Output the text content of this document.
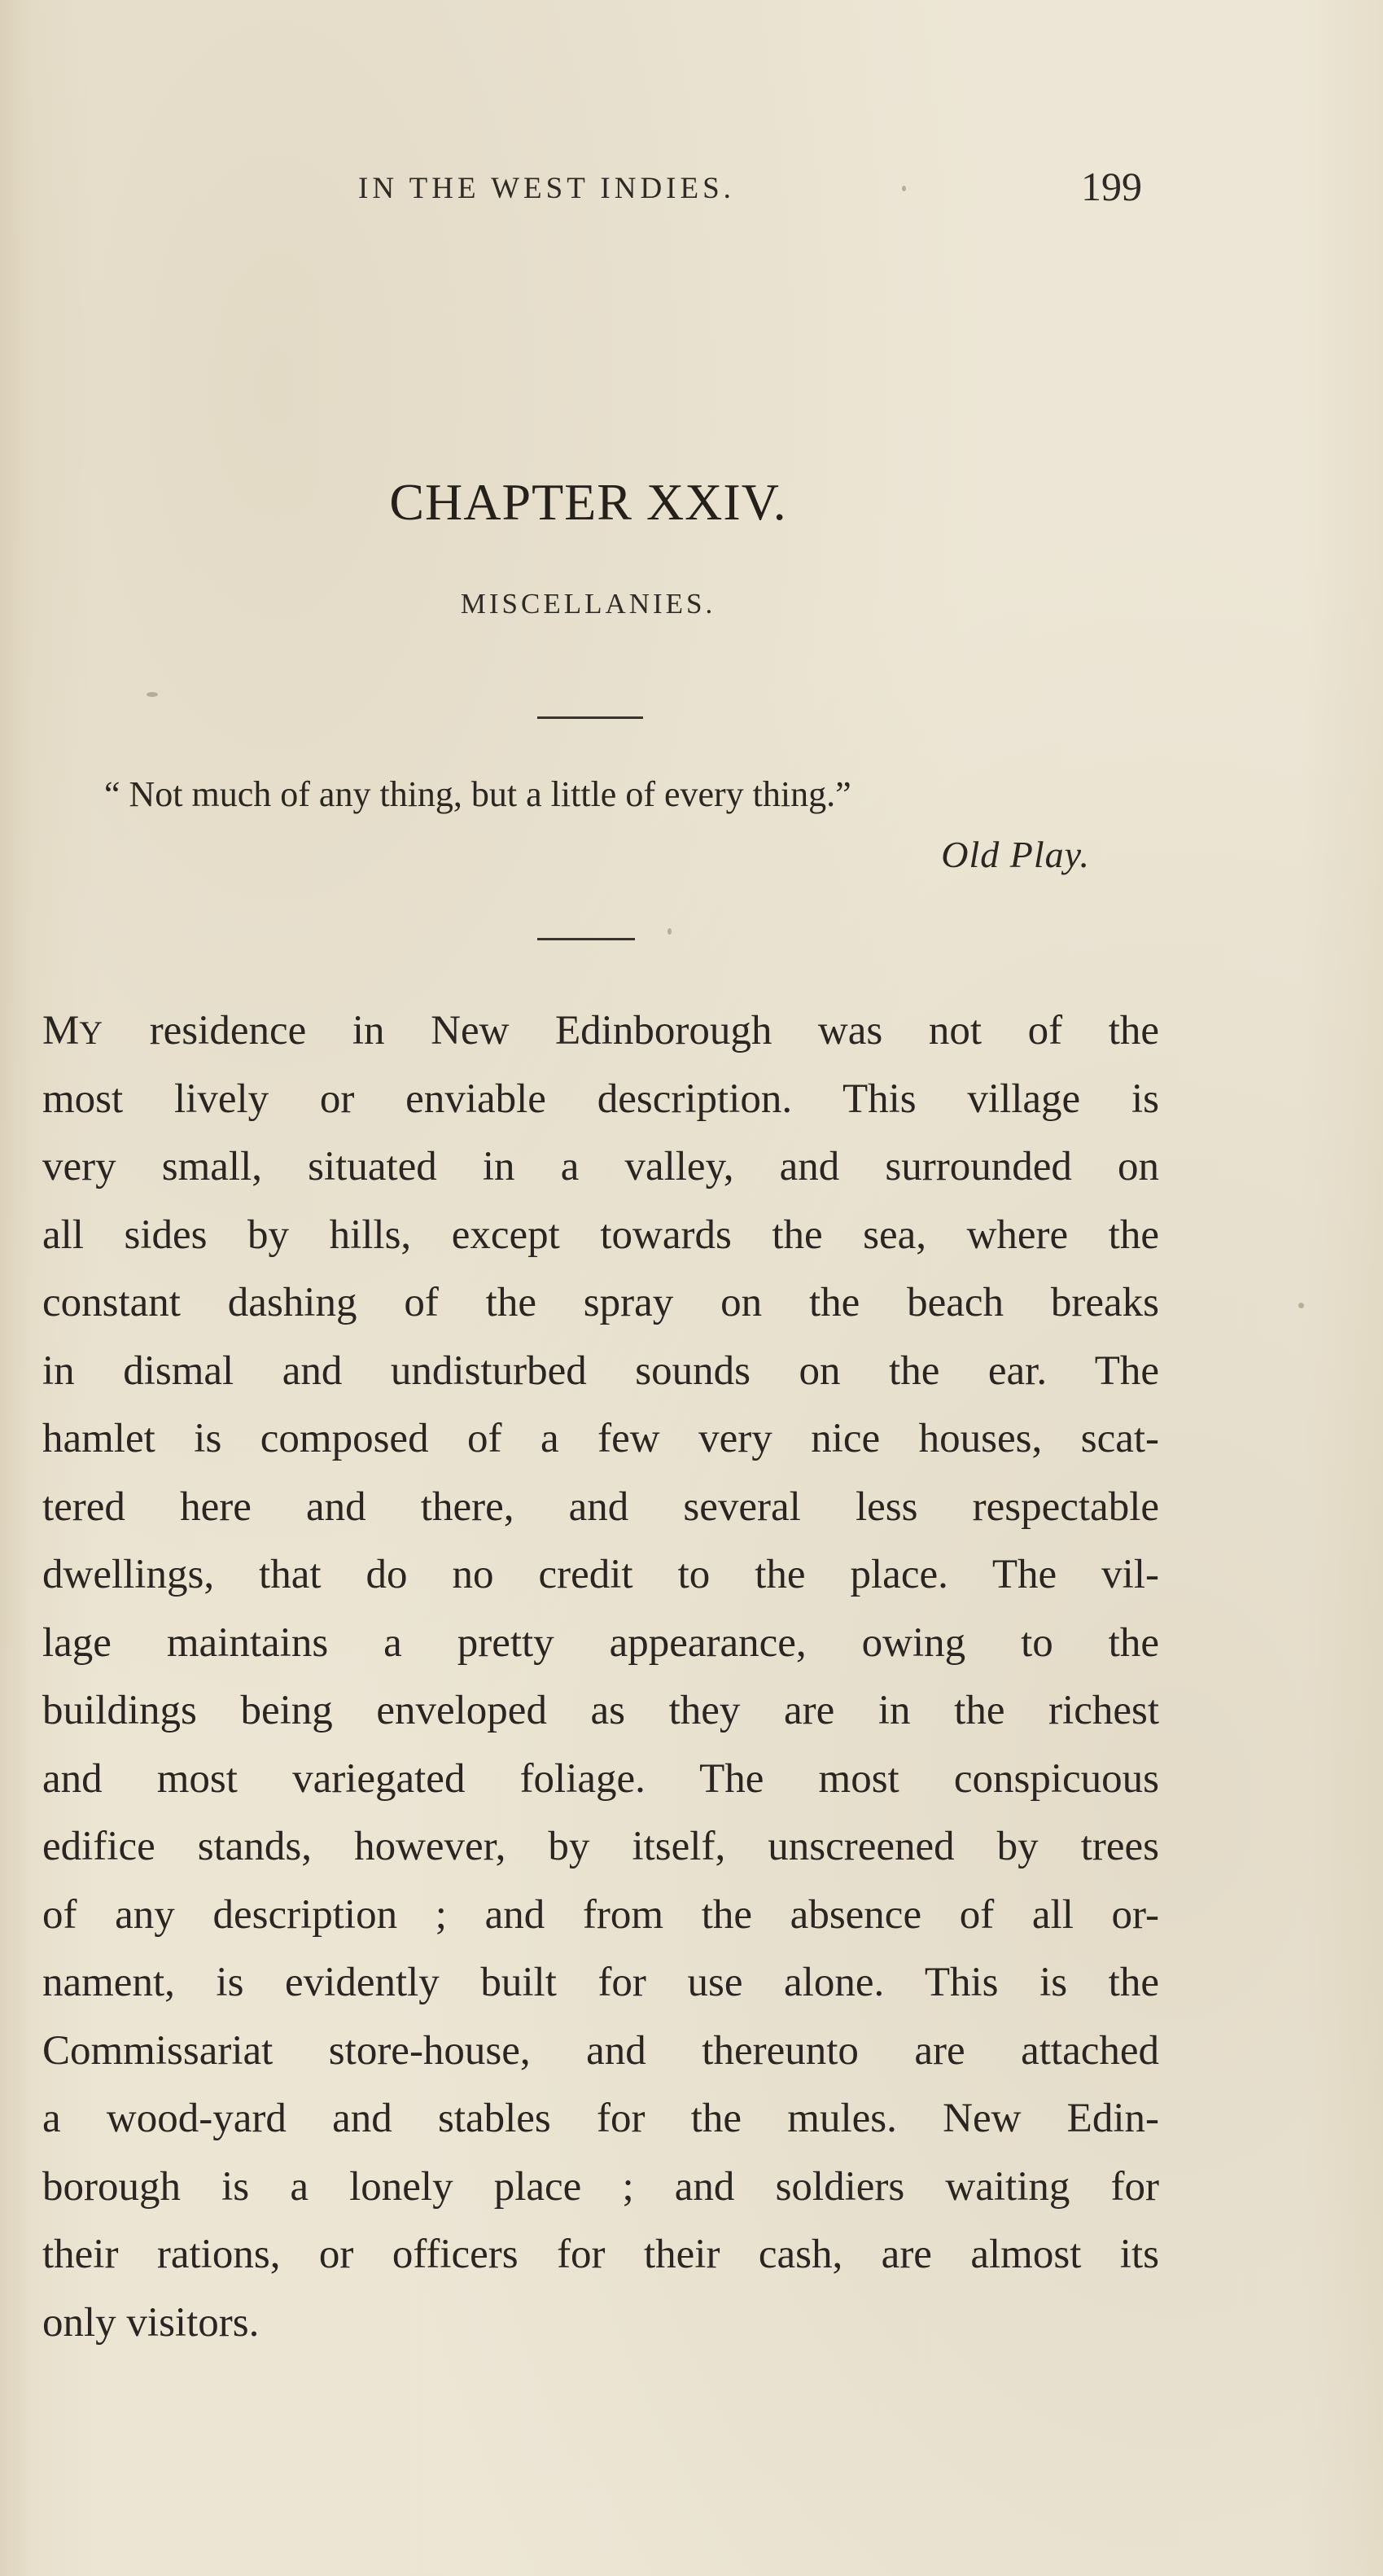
IN THE WEST INDIES.	199
CHAPTER XXIV.
MISCELLANIES.
“ Not much of any thing, but a little of every thing.”
Old Play.
MY residence in New Edinborough was not of the
most lively or enviable description. This village is
very small, situated in a valley, and surrounded on
all sides by hills, except towards the sea, where the
constant dashing of the spray on the beach breaks
in dismal and undisturbed sounds on the ear. The
hamlet is composed of a few very nice houses, scat-
tered here and there, and several less respectable
dwellings, that do no credit to the place. The vil-
lage maintains a pretty appearance, owing to the
buildings being enveloped as they are in the richest
and most variegated foliage. The most conspicuous
edifice stands, however, by itself, unscreened by trees
of any description ; and from the absence of all or-
nament, is evidently built for use alone. This is the
Commissariat store-house, and thereunto are attached
a wood-yard and stables for the mules. New Edin-
borough is a lonely place ; and soldiers waiting for
their rations, or officers for their cash, are almost its
only visitors.
